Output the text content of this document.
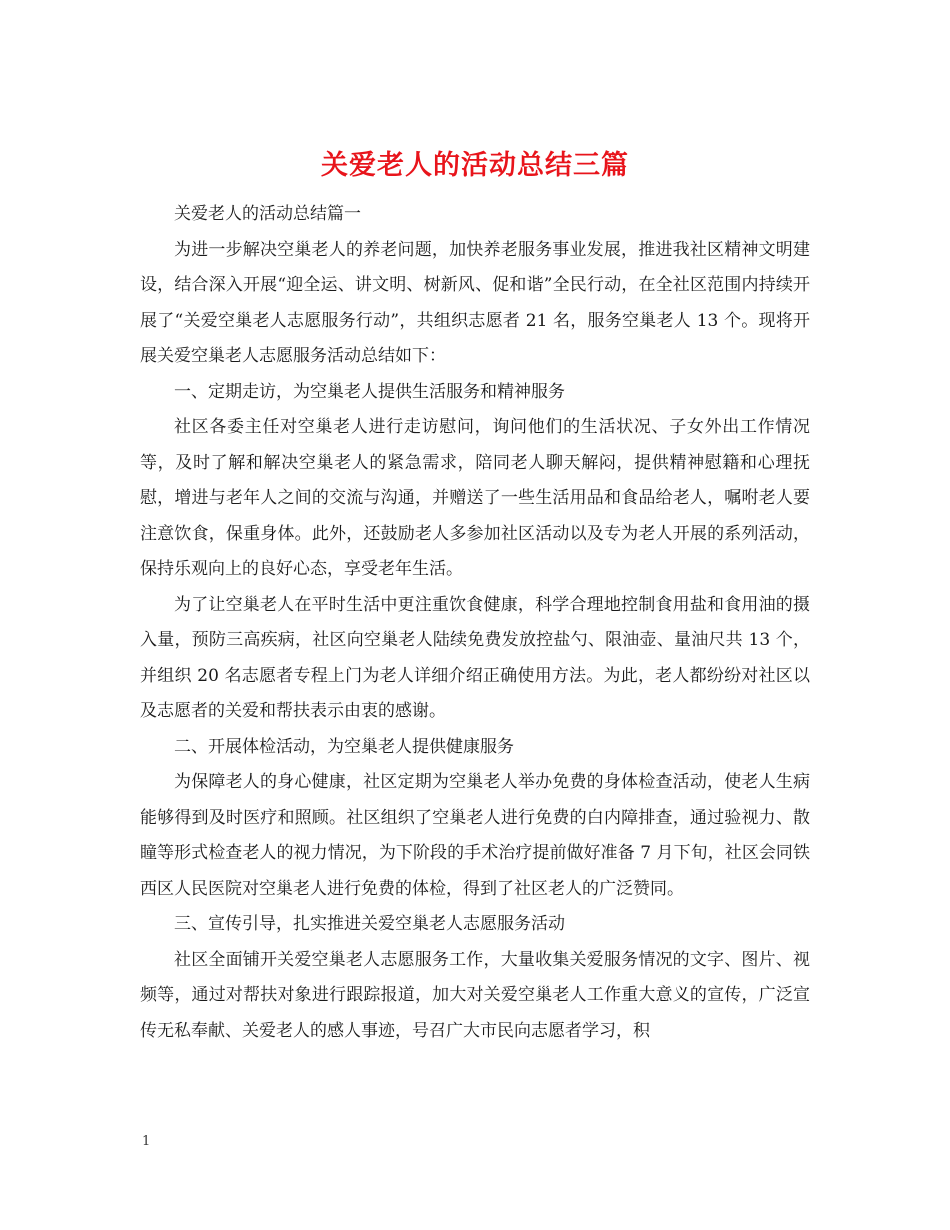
关爱老人的活动总结三篇

关爱老人的活动总结篇一

为进一步解决空巢老人的养老问题，加快养老服务事业发展，推进我社区精神文明建设，结合深入开展“迎全运、讲文明、树新风、促和谐”全民行动，在全社区范围内持续开展了“关爱空巢老人志愿服务行动”，共组织志愿者 21 名，服务空巢老人 13 个。现将开展关爱空巢老人志愿服务活动总结如下：

一、定期走访，为空巢老人提供生活服务和精神服务

社区各委主任对空巢老人进行走访慰问，询问他们的生活状况、子女外出工作情况等，及时了解和解决空巢老人的紧急需求，陪同老人聊天解闷，提供精神慰籍和心理抚慰，增进与老年人之间的交流与沟通，并赠送了一些生活用品和食品给老人，嘱咐老人要注意饮食，保重身体。此外，还鼓励老人多参加社区活动以及专为老人开展的系列活动，保持乐观向上的良好心态，享受老年生活。

为了让空巢老人在平时生活中更注重饮食健康，科学合理地控制食用盐和食用油的摄入量，预防三高疾病，社区向空巢老人陆续免费发放控盐勺、限油壶、量油尺共 13 个，并组织 20 名志愿者专程上门为老人详细介绍正确使用方法。为此，老人都纷纷对社区以及志愿者的关爱和帮扶表示由衷的感谢。

二、开展体检活动，为空巢老人提供健康服务

为保障老人的身心健康，社区定期为空巢老人举办免费的身体检查活动，使老人生病能够得到及时医疗和照顾。社区组织了空巢老人进行免费的白内障排查，通过验视力、散瞳等形式检查老人的视力情况，为下阶段的手术治疗提前做好准备 7 月下旬，社区会同铁西区人民医院对空巢老人进行免费的体检，得到了社区老人的广泛赞同。

三、宣传引导，扎实推进关爱空巢老人志愿服务活动

社区全面铺开关爱空巢老人志愿服务工作，大量收集关爱服务情况的文字、图片、视频等，通过对帮扶对象进行跟踪报道，加大对关爱空巢老人工作重大意义的宣传，广泛宣传无私奉献、关爱老人的感人事迹，号召广大市民向志愿者学习，积

1
